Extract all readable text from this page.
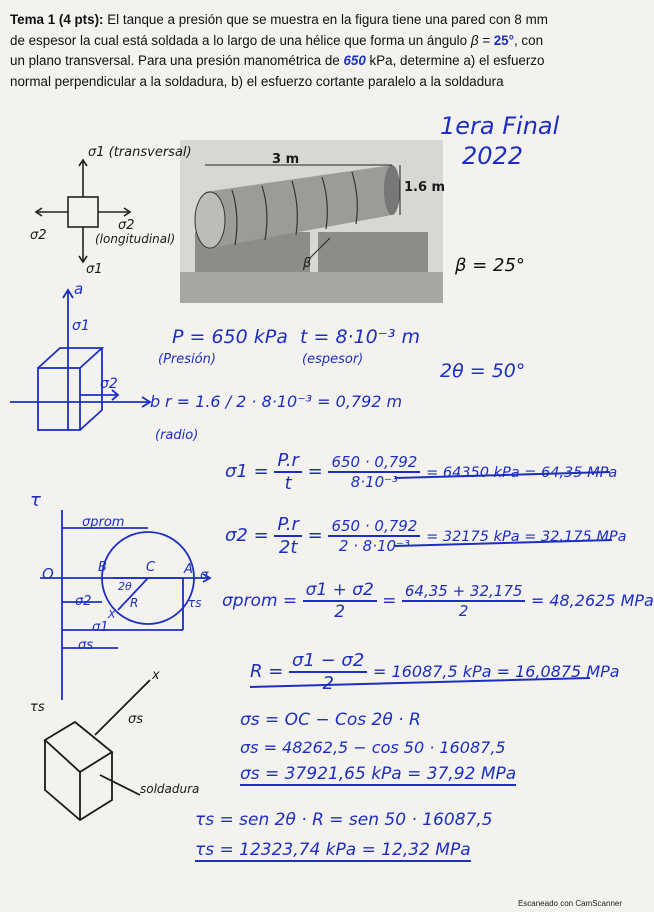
Tema 1 (4 pts): El tanque a presión que se muestra en la figura tiene una pared con 8 mm de espesor la cual está soldada a lo largo de una hélice que forma un ángulo β = 25°, con un plano transversal. Para una presión manométrica de 650 kPa, determine a) el esfuerzo normal perpendicular a la soldadura, b) el esfuerzo cortante paralelo a la soldadura
1era Final
2022
3 m
1.6 m
β
σ1 (transversal)
σ2
(longitudinal)
σ2
σ1	β = 25°
a
σ1
σ2
b
P = 650 kPa
(Presión)
t = 8·10⁻³ m
(espesor)
2θ = 50°
r = 1.6 / 2 · 8·10⁻³ = 0,792 m
(radio)
$\sigma 1 = \frac{P.r}{t} = \frac{650 \cdot 0,792}{\text{8·10⁻³}} = 64350$ kPa = 64,35 MPa
$\sigma 2 = \frac{P.r}{2t} = \frac{650 \cdot 0,792}{\text{2 · 8·10⁻³}} = 32175$ kPa = 32,175 MPa
σprom = $\frac{\sigma 1 + \sigma 2}{2} = \frac{64,35 + 32,175}{2} = 48,2625$ MPa
$R = \frac{\sigma 1 - \sigma 2}{2} = 16087,5$ kPa = 16,0875 MPa
τ
O	B	C A σ
σprom
σ2
σ1
σs
2θ
R	τs
X
τs
σs
x
soldadura
σs = OC − Cos 2θ · R
σs = 48262,5 − cos 50 · 16087,5
σs = 37921,65 kPa = 37,92 MPa
τs = sen 2θ · R = sen 50 · 16087,5
τs = 12323,74 kPa = 12,32 MPa
Escaneado con CamScanner
